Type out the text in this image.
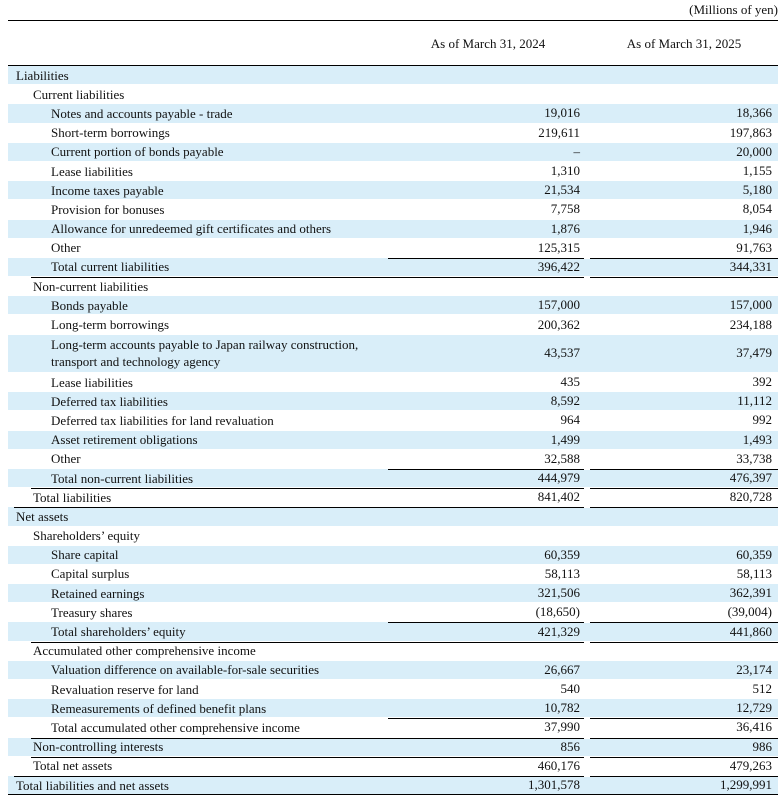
(Millions of yen)
As of March 31, 2024	As of March 31, 2025
Liabilities
Current liabilities
Notes and accounts payable - trade	19,016	18,366
Short-term borrowings	219,611	197,863
Current portion of bonds payable	–	20,000
Lease liabilities	1,310	1,155
Income taxes payable	21,534	5,180
Provision for bonuses	7,758	8,054
Allowance for unredeemed gift certificates and others	1,876	1,946
Other	125,315	91,763
Total current liabilities	396,422	344,331
Non-current liabilities
Bonds payable	157,000	157,000
Long-term borrowings	200,362	234,188
Long-term accounts payable to Japan railway construction, transport and technology agency
43,537	37,479
Lease liabilities	435	392
Deferred tax liabilities	8,592	11,112
Deferred tax liabilities for land revaluation	964	992
Asset retirement obligations	1,499	1,493
Other	32,588	33,738
Total non-current liabilities	444,979	476,397
Total liabilities	841,402	820,728
Net assets
Shareholders’ equity
Share capital	60,359	60,359
Capital surplus	58,113	58,113
Retained earnings	321,506	362,391
Treasury shares	(18,650)	(39,004)
Total shareholders’ equity	421,329	441,860
Accumulated other comprehensive income
Valuation difference on available-for-sale securities	26,667	23,174
Revaluation reserve for land	540	512
Remeasurements of defined benefit plans	10,782	12,729
Total accumulated other comprehensive income	37,990	36,416
Non-controlling interests	856	986
Total net assets	460,176	479,263
Total liabilities and net assets	1,301,578	1,299,991
